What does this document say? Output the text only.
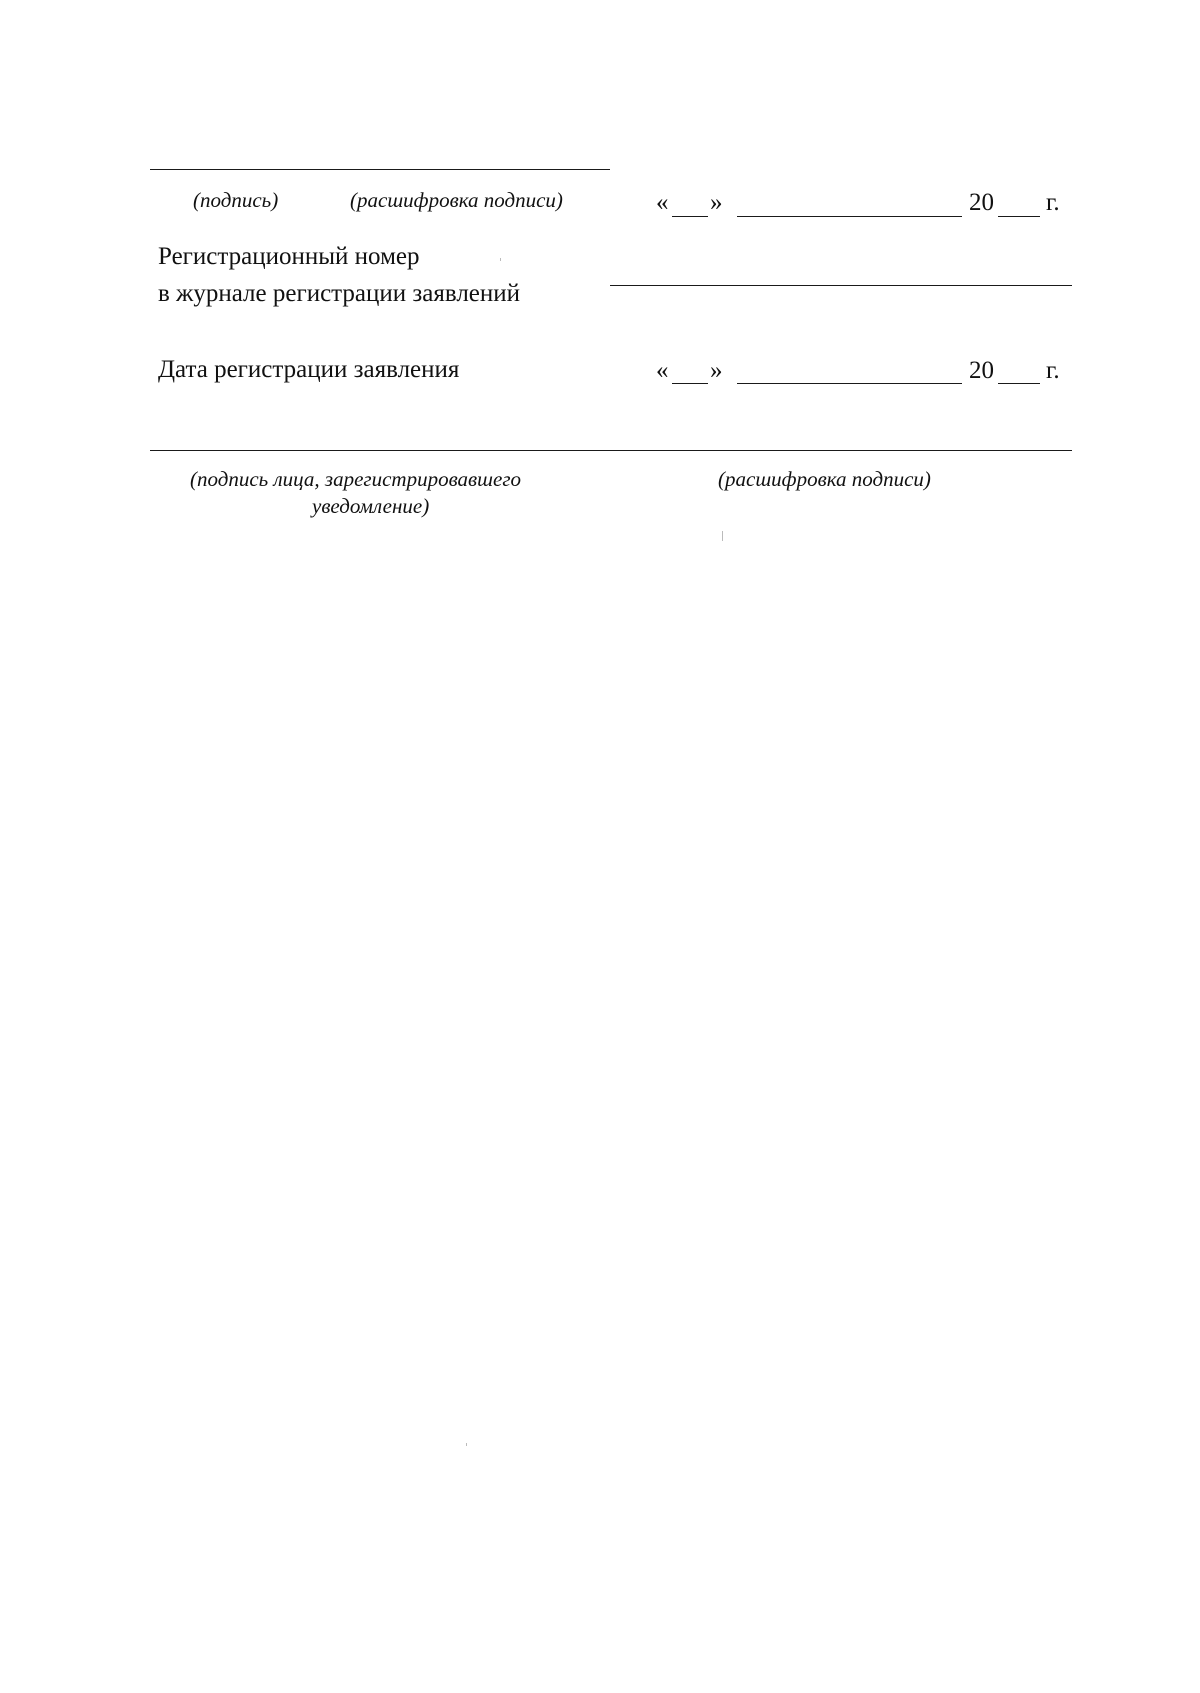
(подпись)	(расшифровка подписи)	« »	20 г.
Регистрационный номер
в журнале регистрации заявлений
Дата регистрации заявления	« »	20 г.
(подпись лица, зарегистрировавшего
уведомление)
(расшифровка подписи)
